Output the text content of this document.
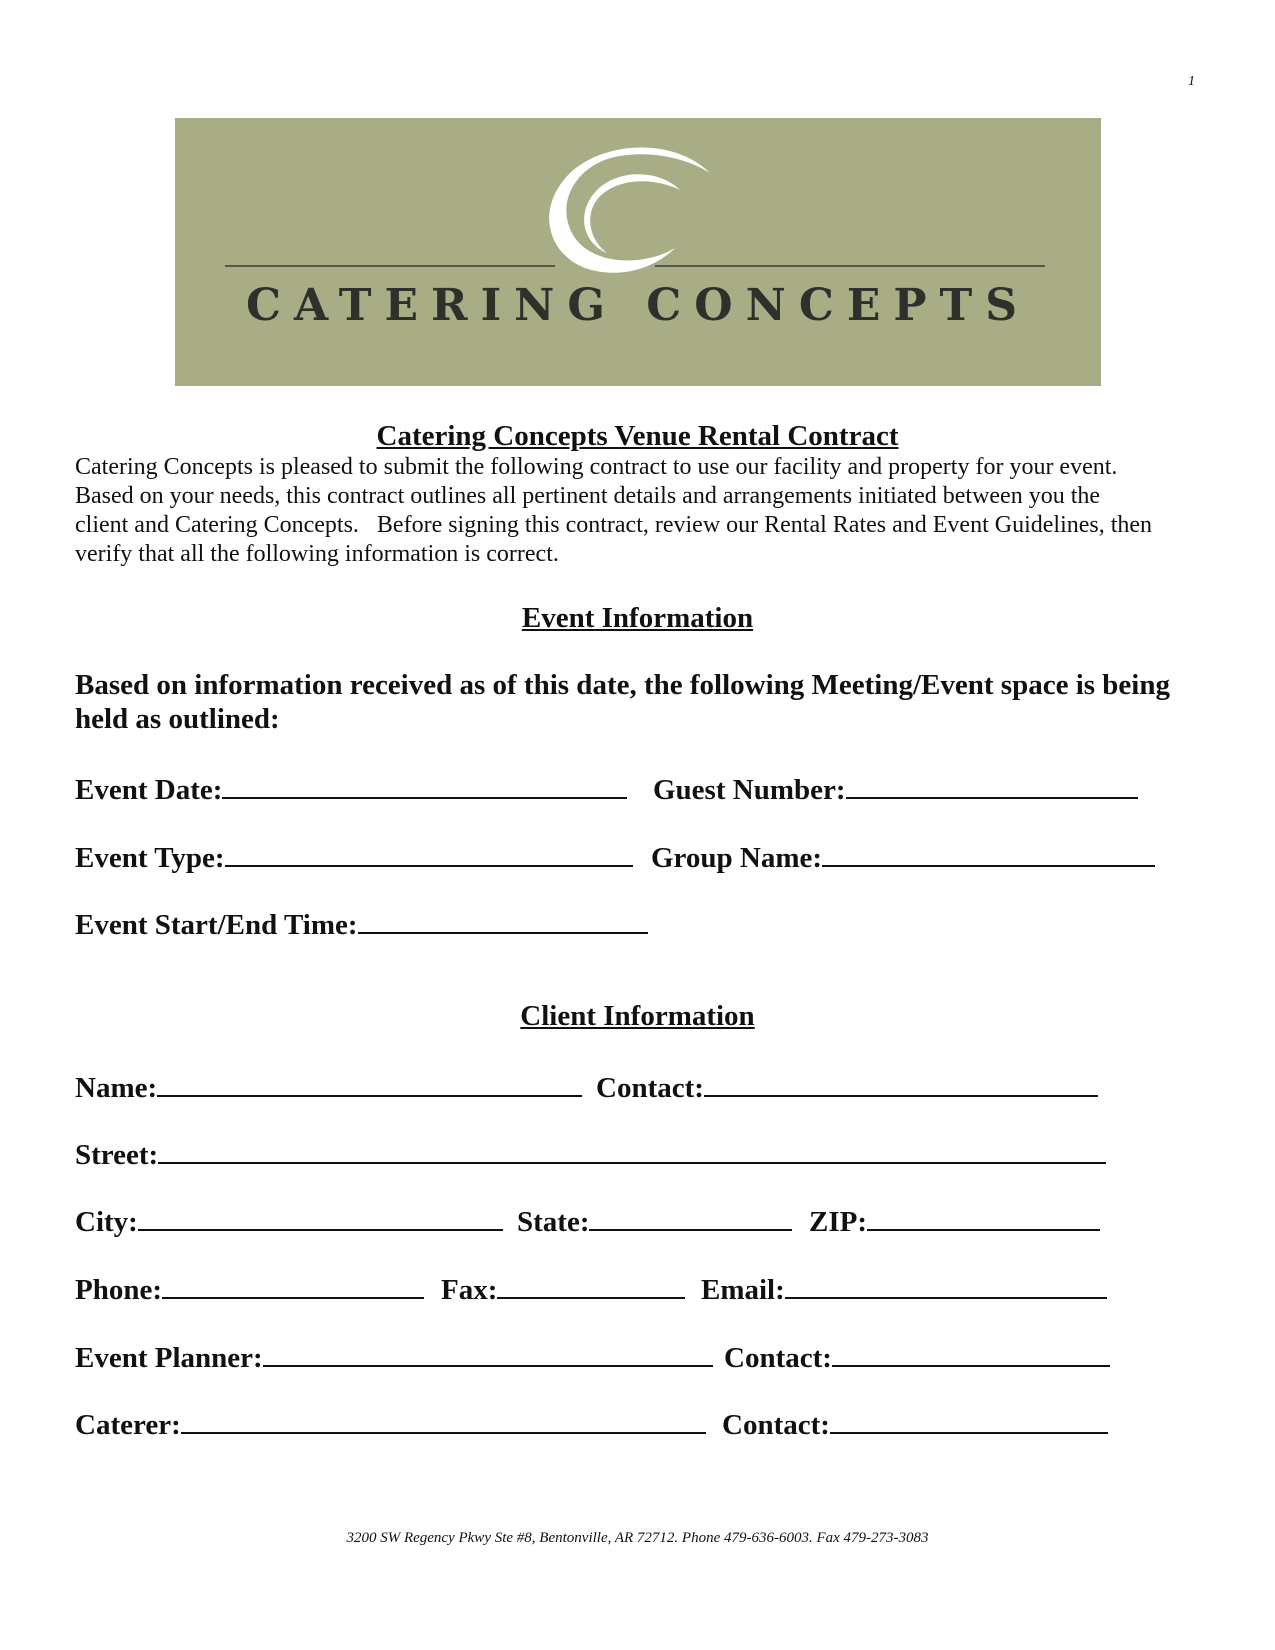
1
CATERING CONCEPTS
Catering Concepts Venue Rental Contract
Catering Concepts is pleased to submit the following contract to use our facility and property for your event.
Based on your needs, this contract outlines all pertinent details and arrangements initiated between you the
client and Catering Concepts.   Before signing this contract, review our Rental Rates and Event Guidelines, then
verify that all the following information is correct.
Event Information
Based on information received as of this date, the following Meeting/Event space is being held as outlined:
Event Date:	Guest Number:
Event Type:	Group Name:
Event Start/End Time:
Client Information
Name:	Contact:
Street:
City:	State:	ZIP:
Phone:	Fax:	Email:
Event Planner:	Contact:
Caterer:	Contact:
3200 SW Regency Pkwy Ste #8, Bentonville, AR 72712. Phone 479-636-6003. Fax 479-273-3083
